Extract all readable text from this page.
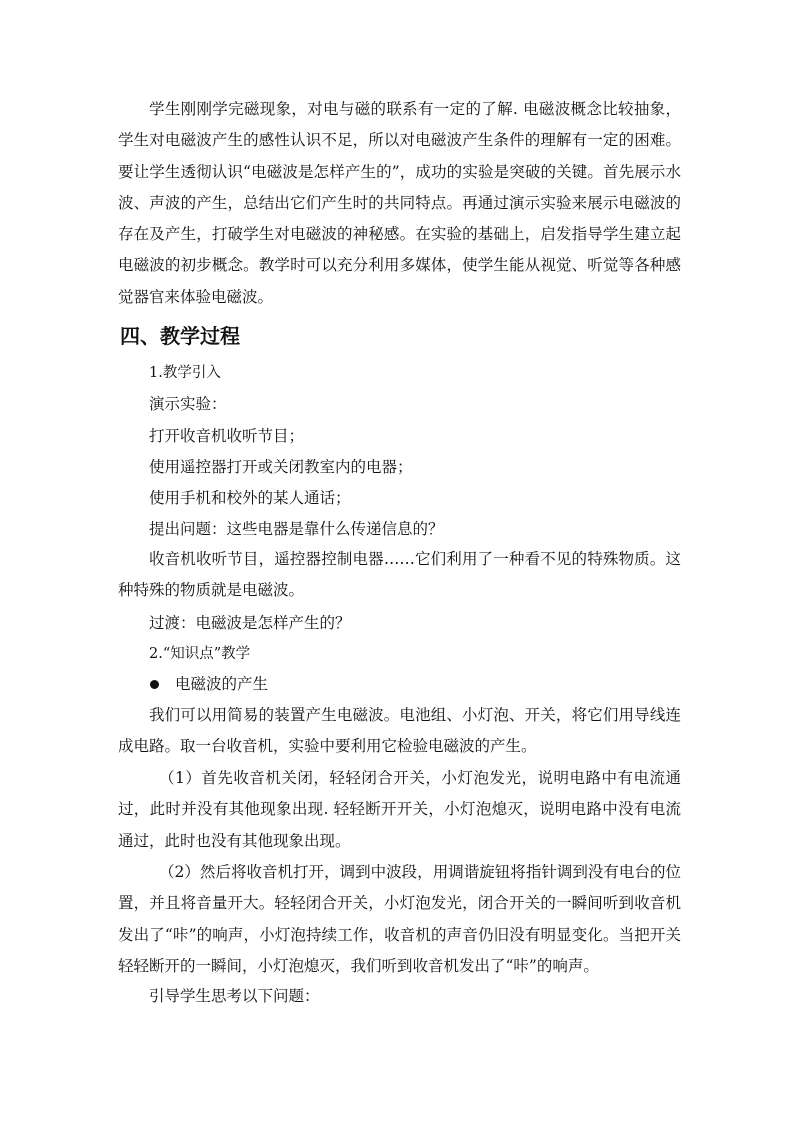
学生刚刚学完磁现象，对电与磁的联系有一定的了解. 电磁波概念比较抽象，学生对电磁波产生的感性认识不足，所以对电磁波产生条件的理解有一定的困难。要让学生透彻认识“电磁波是怎样产生的”，成功的实验是突破的关键。首先展示水波、声波的产生，总结出它们产生时的共同特点。再通过演示实验来展示电磁波的存在及产生，打破学生对电磁波的神秘感。在实验的基础上，启发指导学生建立起电磁波的初步概念。教学时可以充分利用多媒体，使学生能从视觉、听觉等各种感觉器官来体验电磁波。

四、教学过程

1.教学引入

演示实验：

打开收音机收听节目；

使用遥控器打开或关闭教室内的电器；

使用手机和校外的某人通话；

提出问题：这些电器是靠什么传递信息的？

收音机收听节目，遥控器控制电器……它们利用了一种看不见的特殊物质。这种特殊的物质就是电磁波。

过渡：电磁波是怎样产生的？

2.“知识点”教学

电磁波的产生

我们可以用简易的装置产生电磁波。电池组、小灯泡、开关，将它们用导线连成电路。取一台收音机，实验中要利用它检验电磁波的产生。

（1）首先收音机关闭，轻轻闭合开关，小灯泡发光，说明电路中有电流通过，此时并没有其他现象出现. 轻轻断开开关，小灯泡熄灭，说明电路中没有电流通过，此时也没有其他现象出现。

（2）然后将收音机打开，调到中波段，用调谐旋钮将指针调到没有电台的位置，并且将音量开大。轻轻闭合开关，小灯泡发光，闭合开关的一瞬间听到收音机发出了“咔”的响声，小灯泡持续工作，收音机的声音仍旧没有明显变化。当把开关轻轻断开的一瞬间，小灯泡熄灭，我们听到收音机发出了“咔”的响声。

引导学生思考以下问题：
